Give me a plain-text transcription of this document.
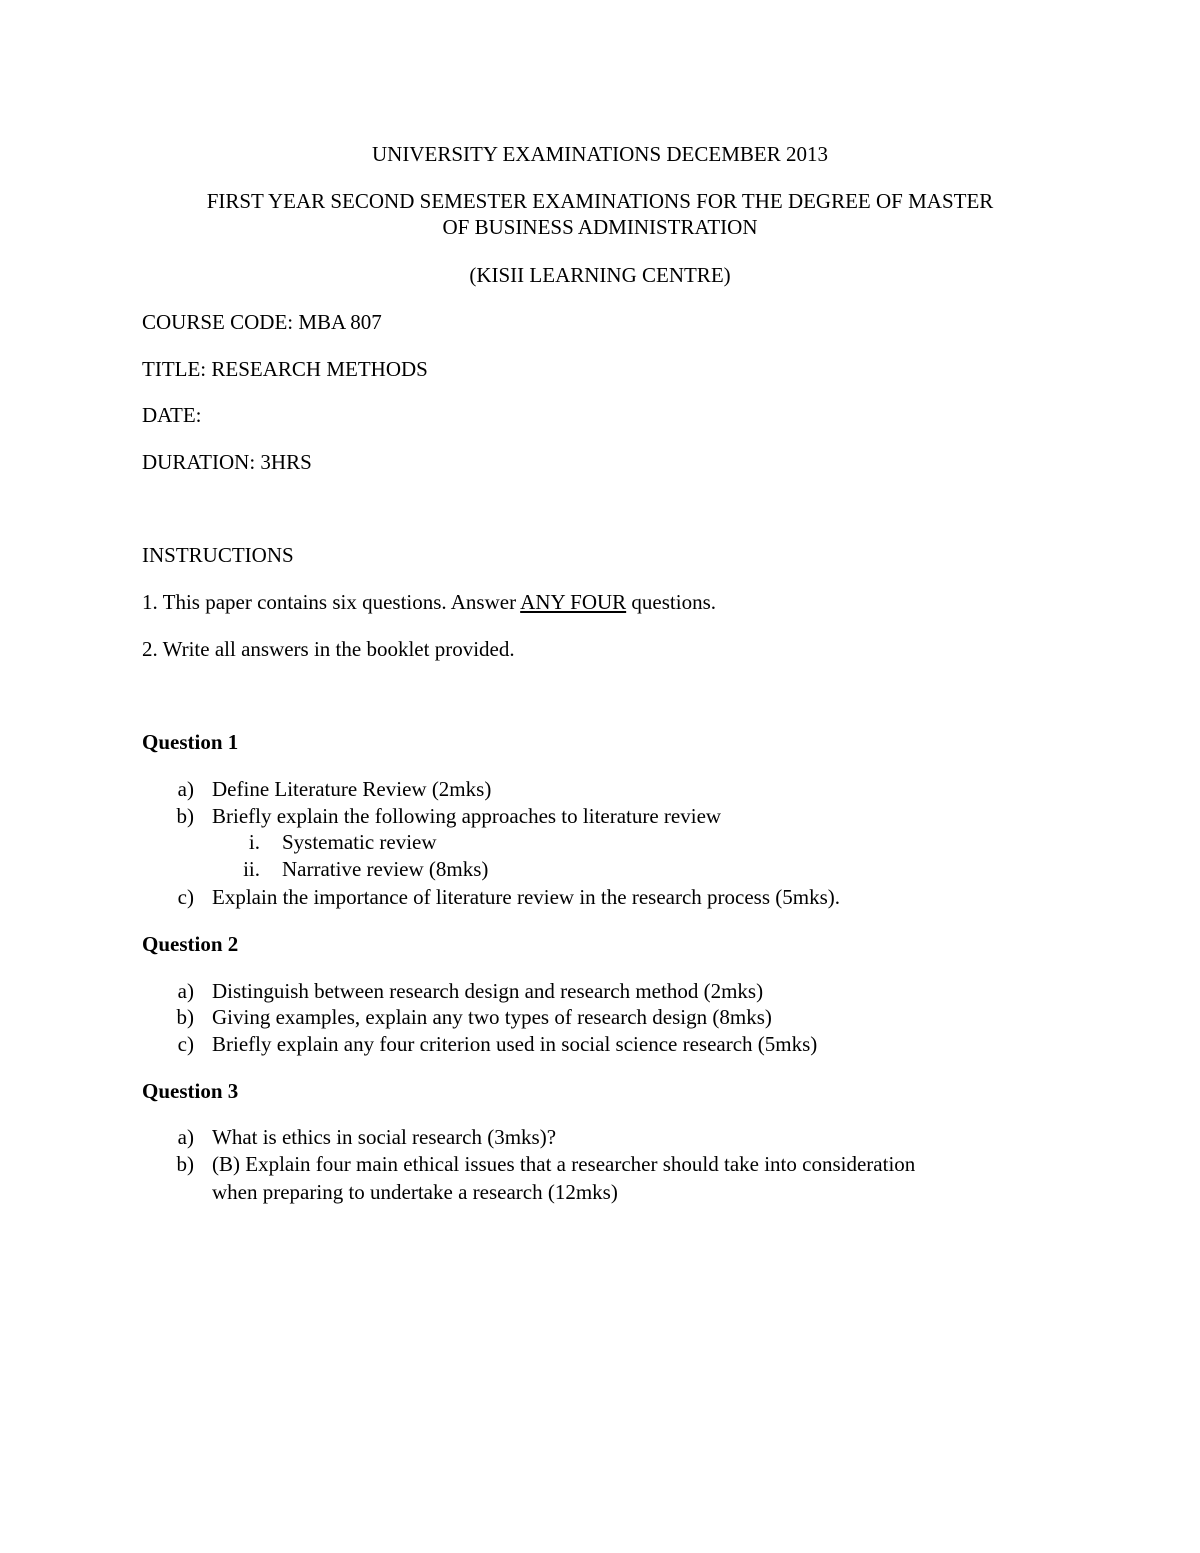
UNIVERSITY EXAMINATIONS DECEMBER 2013
FIRST YEAR SECOND SEMESTER EXAMINATIONS FOR THE DEGREE OF MASTER
OF BUSINESS ADMINISTRATION
(KISII LEARNING CENTRE)
COURSE CODE: MBA 807
TITLE: RESEARCH METHODS
DATE:
DURATION: 3HRS
INSTRUCTIONS
1. This paper contains six questions. Answer ANY FOUR questions.
2. Write all answers in the booklet provided.
Question 1
a) Define Literature Review (2mks)
b) Briefly explain the following approaches to literature review
i. Systematic review
ii. Narrative review (8mks)
c) Explain the importance of literature review in the research process (5mks).
Question 2
a) Distinguish between research design and research method (2mks)
b) Giving examples, explain any two types of research design (8mks)
c) Briefly explain any four criterion used in social science research (5mks)
Question 3
a) What is ethics in social research (3mks)?
b) (B) Explain four main ethical issues that a researcher should take into consideration
when preparing to undertake a research (12mks)
